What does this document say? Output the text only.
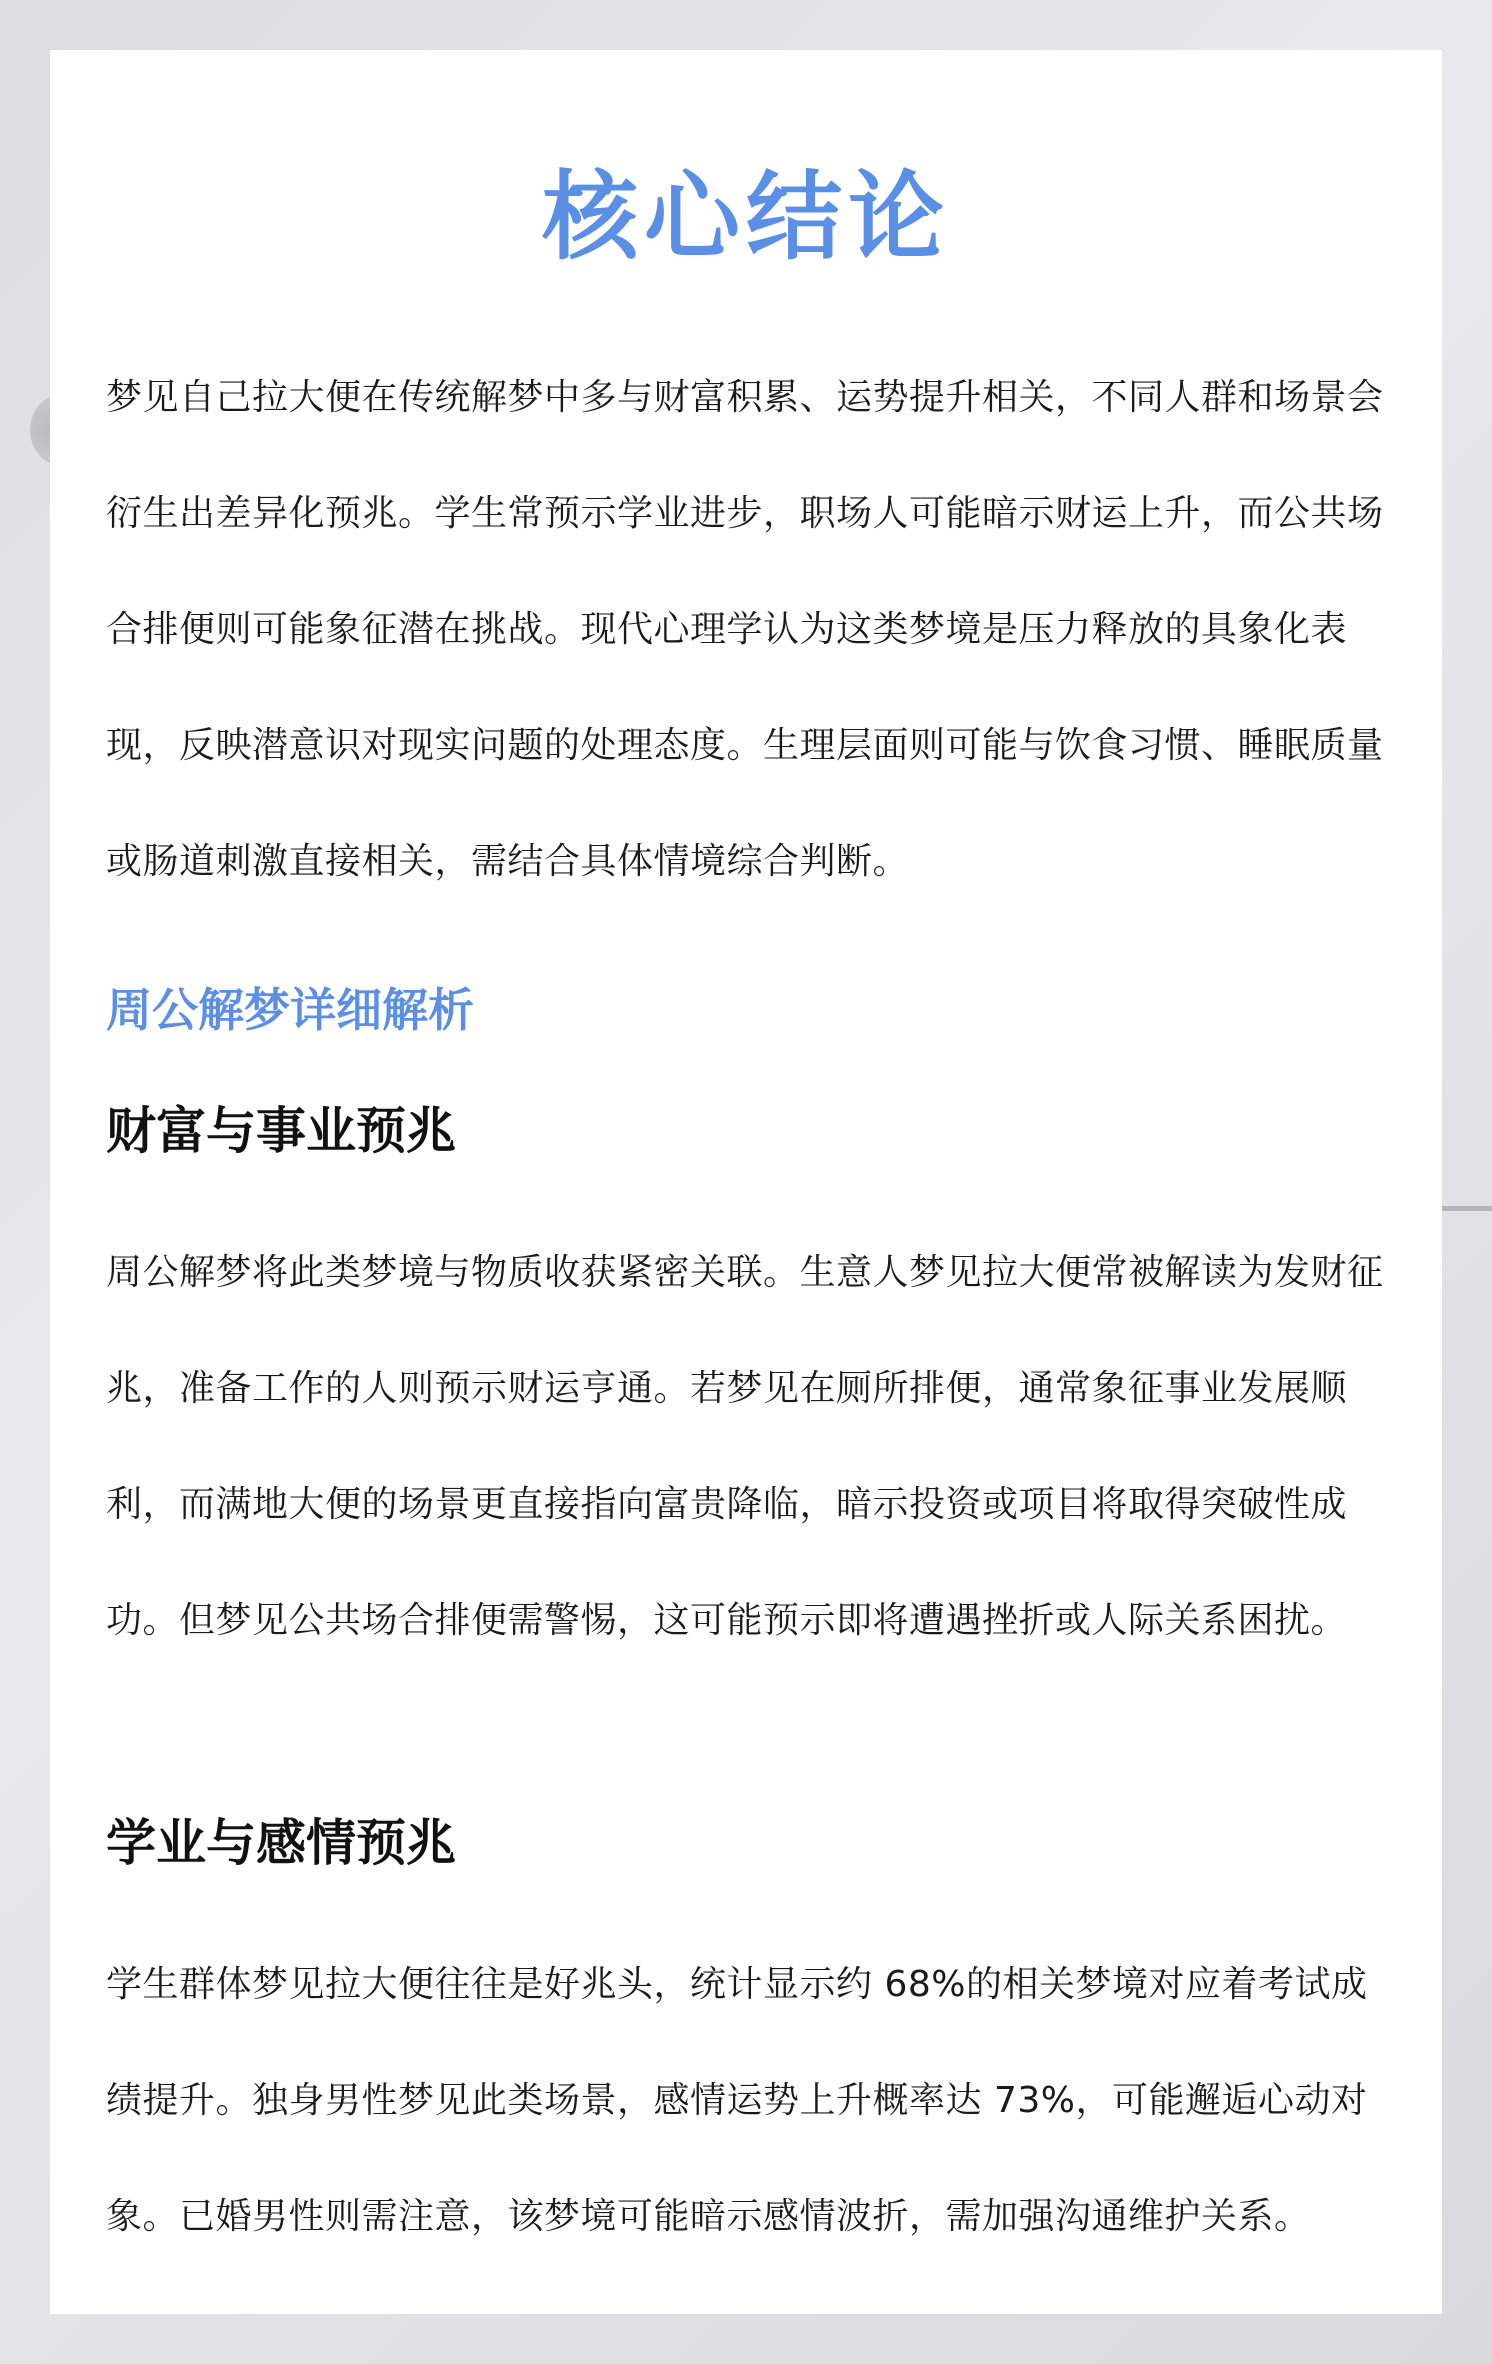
核心结论

梦见自己拉大便在传统解梦中多与财富积累、运势提升相关，不同人群和场景会衍生出差异化预兆。学生常预示学业进步，职场人可能暗示财运上升，而公共场合排便则可能象征潜在挑战。现代心理学认为这类梦境是压力释放的具象化表现，反映潜意识对现实问题的处理态度。生理层面则可能与饮食习惯、睡眠质量或肠道刺激直接相关，需结合具体情境综合判断。

周公解梦详细解析
财富与事业预兆

周公解梦将此类梦境与物质收获紧密关联。生意人梦见拉大便常被解读为发财征兆，准备工作的人则预示财运亨通。若梦见在厕所排便，通常象征事业发展顺利，而满地大便的场景更直接指向富贵降临，暗示投资或项目将取得突破性成功。但梦见公共场合排便需警惕，这可能预示即将遭遇挫折或人际关系困扰。

学业与感情预兆

学生群体梦见拉大便往往是好兆头，统计显示约 68%的相关梦境对应着考试成绩提升。独身男性梦见此类场景，感情运势上升概率达 73%，可能邂逅心动对象。已婚男性则需注意，该梦境可能暗示感情波折，需加强沟通维护关系。
